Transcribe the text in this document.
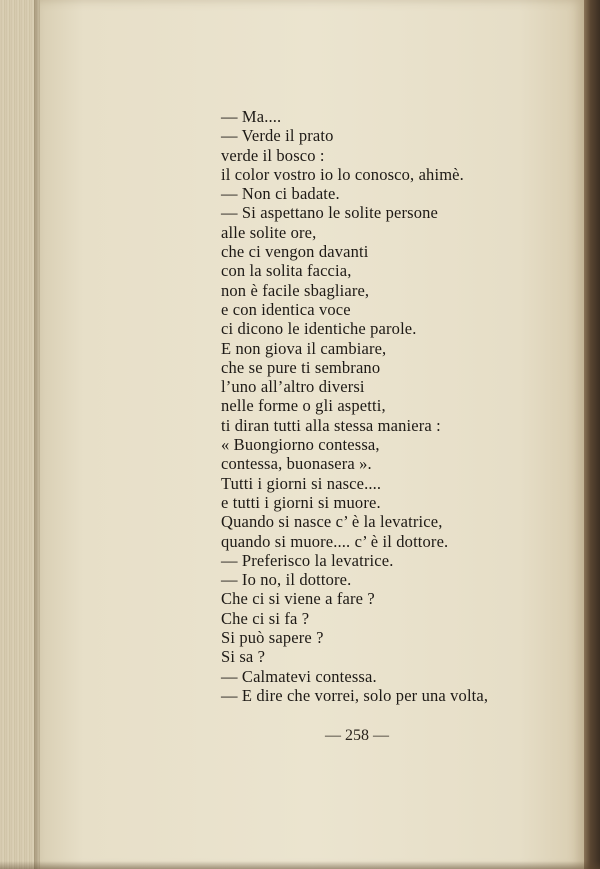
— Ma....
— Verde il prato
verde il bosco :
il color vostro io lo conosco, ahimè.
— Non ci badate.
— Si aspettano le solite persone
alle solite ore,
che ci vengon davanti
con la solita faccia,
non è facile sbagliare,
e con identica voce
ci dicono le identiche parole.
E non giova il cambiare,
che se pure ti sembrano
l’uno all’altro diversi
nelle forme o gli aspetti,
ti diran tutti alla stessa maniera :
« Buongiorno contessa,
contessa, buonasera ».
Tutti i giorni si nasce....
e tutti i giorni si muore.
Quando si nasce c’ è la levatrice,
quando si muore.... c’ è il dottore.
— Preferisco la levatrice.
— Io no, il dottore.
Che ci si viene a fare ?
Che ci si fa ?
Si può sapere ?
Si sa ?
— Calmatevi contessa.
— E dire che vorrei, solo per una volta,
— 258 —
